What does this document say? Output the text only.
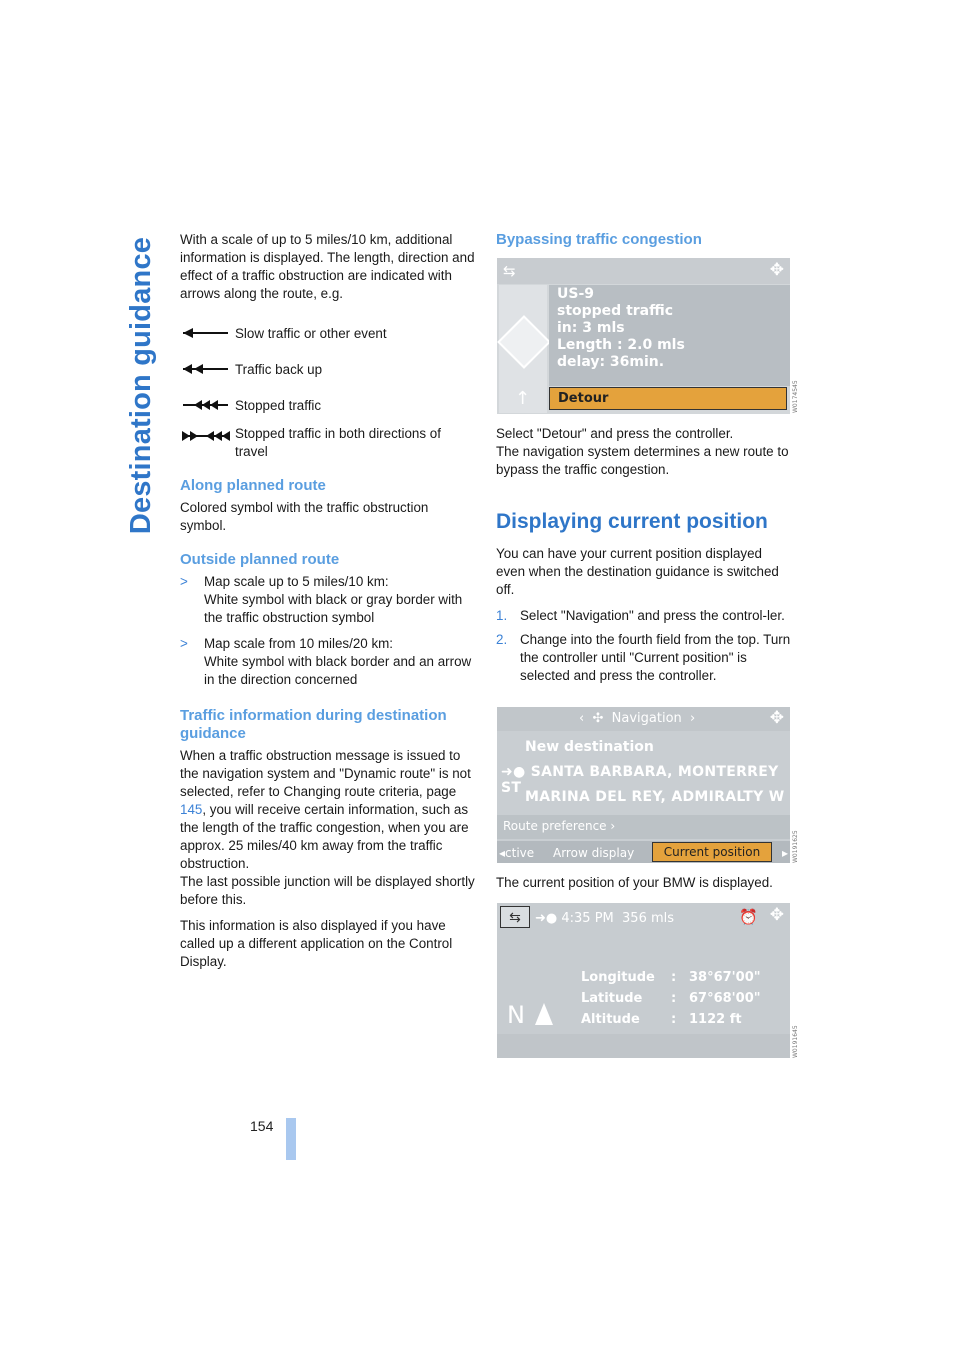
Destination guidance
154

With a scale of up to 5 miles/10 km, additional information is displayed. The length, direction and effect of a traffic obstruction are indicated with arrows along the route, e.g.

Slow traffic or other event
Traffic back up
Stopped traffic
Stopped traffic in both directions of travel
Along planned route

Colored symbol with the traffic obstruction symbol.

Outside planned route
>	Map scale up to 5 miles/10 km:
White symbol with black or gray border with the traffic obstruction symbol
>	Map scale from 10 miles/20 km:
White symbol with black border and an arrow in the direction concerned
Traffic information during destination guidance

When a traffic obstruction message is issued to the navigation system and "Dynamic route" is not selected, refer to Changing route criteria, page 145, you will receive certain information, such as the length of the traffic congestion, when you are approx. 25 miles/40 km away from the traffic obstruction.
The last possible junction will be displayed shortly before this.

This information is also displayed if you have called up a different application on the Control Display.

Bypassing traffic congestion

Select "Detour" and press the controller.

The navigation system determines a new route to bypass the traffic congestion.

Displaying current position

You can have your current position displayed even when the destination guidance is switched off.

1. Select "Navigation" and press the control-ler.
2. Change into the fourth field from the top. Turn the controller until "Current position" is selected and press the controller.
The current position of your BMW is displayed.
⇆	✥
↑
US-9
stopped traffic
in: 3 mls
Length : 2.0 mls
delay: 36min.
Detour	W0174545
‹ ✣ Navigation ›	✥
New destination
➜● SANTA BARBARA, MONTERREY ST
MARINA DEL REY, ADMIRALTY W
Route preference ›
◂ctive Arrow display	Current position	▸ W0191625
⇆	➜● 4:35 PM 356 mls	⏰ ✥
Longitude	: 38°67'00"
Latitude	: 67°68'00"
Altitude	: 1122 ft
N
W0191645
